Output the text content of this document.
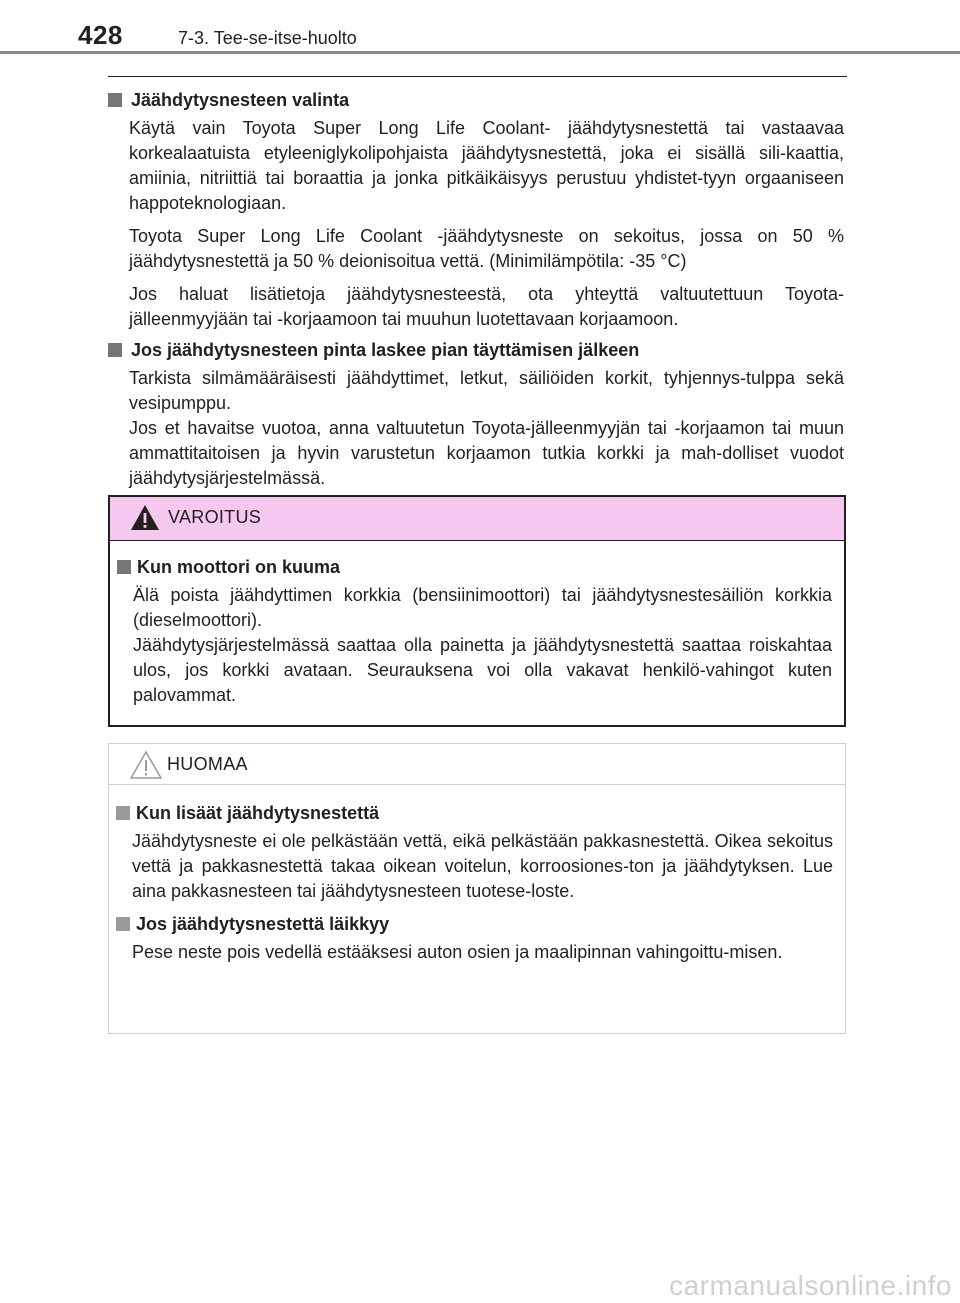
428	7-3. Tee-se-itse-huolto
Jäähdytysnesteen valinta
Käytä vain Toyota Super Long Life Coolant- jäähdytysnestettä tai vastaavaa korkealaatuista etyleeniglykolipohjaista jäähdytysnestettä, joka ei sisällä sili-kaattia, amiinia, nitriittiä tai boraattia ja jonka pitkäikäisyys perustuu yhdistet-tyyn orgaaniseen happoteknologiaan.
Toyota Super Long Life Coolant -jäähdytysneste on sekoitus, jossa on 50 % jäähdytysnestettä ja 50 % deionisoitua vettä. (Minimilämpötila: -35 °C)
Jos haluat lisätietoja jäähdytysnesteestä, ota yhteyttä valtuutettuun Toyota-jälleenmyyjään tai -korjaamoon tai muuhun luotettavaan korjaamoon.
Jos jäähdytysnesteen pinta laskee pian täyttämisen jälkeen
Tarkista silmämääräisesti jäähdyttimet, letkut, säiliöiden korkit, tyhjennys-tulppa sekä vesipumppu.
Jos et havaitse vuotoa, anna valtuutetun Toyota-jälleenmyyjän tai -korjaamon tai muun ammattitaitoisen ja hyvin varustetun korjaamon tutkia korkki ja mah-dolliset vuodot jäähdytysjärjestelmässä.
VAROITUS
Kun moottori on kuuma
Älä poista jäähdyttimen korkkia (bensiinimoottori) tai jäähdytysnestesäiliön korkkia (dieselmoottori).
Jäähdytysjärjestelmässä saattaa olla painetta ja jäähdytysnestettä saattaa roiskahtaa ulos, jos korkki avataan. Seurauksena voi olla vakavat henkilö-vahingot kuten palovammat.
HUOMAA
Kun lisäät jäähdytysnestettä
Jäähdytysneste ei ole pelkästään vettä, eikä pelkästään pakkasnestettä. Oikea sekoitus vettä ja pakkasnestettä takaa oikean voitelun, korroosiones-ton ja jäähdytyksen. Lue aina pakkasnesteen tai jäähdytysnesteen tuotese-loste.
Jos jäähdytysnestettä läikkyy
Pese neste pois vedellä estääksesi auton osien ja maalipinnan vahingoittu-misen.
carmanualsonline.info
